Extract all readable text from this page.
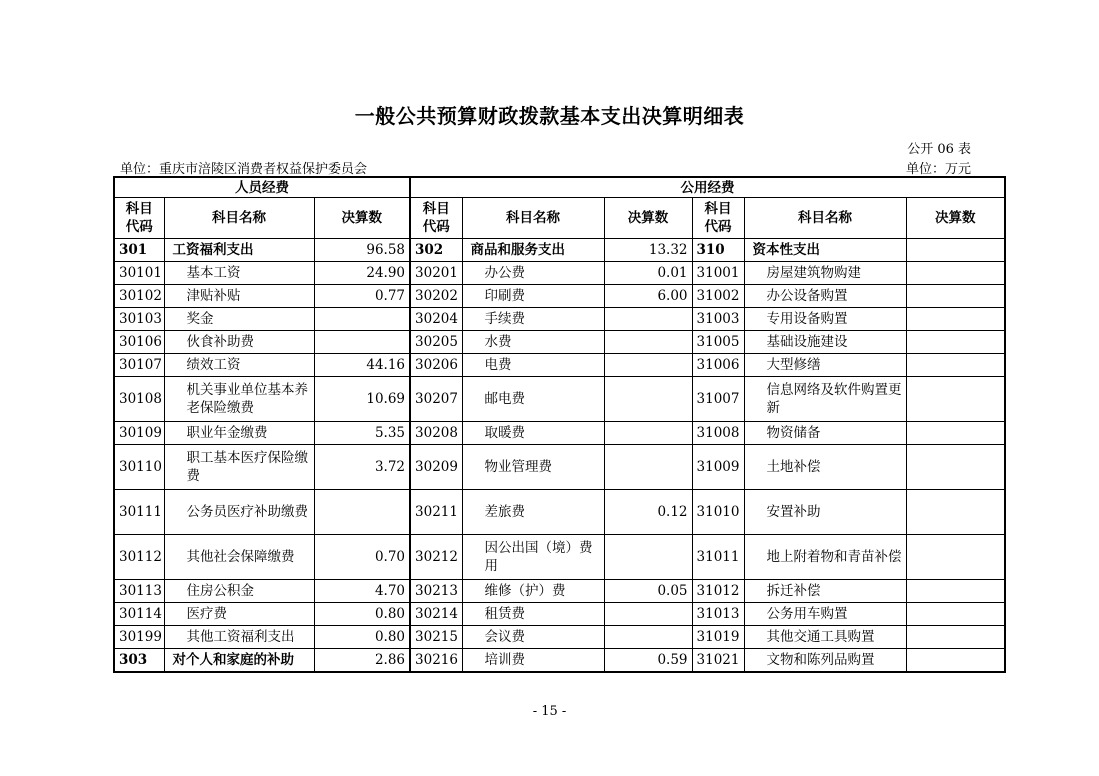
一般公共预算财政拨款基本支出决算明细表
公开 06 表
单位：重庆市涪陵区消费者权益保护委员会	单位：万元
人员经费			公用经费					
科目代码	科目名称	决算数	科目代码	科目名称	决算数	科目代码	科目名称	决算数
301	工资福利支出	96.58	302	商品和服务支出	13.32	310	资本性支出	
30101	基本工资	24.90	30201	办公费	0.01	31001	房屋建筑物购建	
30102	津贴补贴	0.77	30202	印刷费	6.00	31002	办公设备购置	
30103	奖金		30204	手续费		31003	专用设备购置	
30106	伙食补助费		30205	水费		31005	基础设施建设	
30107	绩效工资	44.16	30206	电费		31006	大型修缮	
30108	机关事业单位基本养老保险缴费	10.69	30207	邮电费		31007	信息网络及软件购置更新	
30109	职业年金缴费	5.35	30208	取暖费		31008	物资储备	
30110	职工基本医疗保险缴费	3.72	30209	物业管理费		31009	土地补偿	
30111	公务员医疗补助缴费		30211	差旅费	0.12	31010	安置补助	
30112	其他社会保障缴费	0.70	30212	因公出国（境）费用		31011	地上附着物和青苗补偿	
30113	住房公积金	4.70	30213	维修（护）费	0.05	31012	拆迁补偿	
30114	医疗费	0.80	30214	租赁费		31013	公务用车购置	
30199	其他工资福利支出	0.80	30215	会议费		31019	其他交通工具购置	
303	对个人和家庭的补助	2.86	30216	培训费	0.59	31021	文物和陈列品购置	
- 15 -
